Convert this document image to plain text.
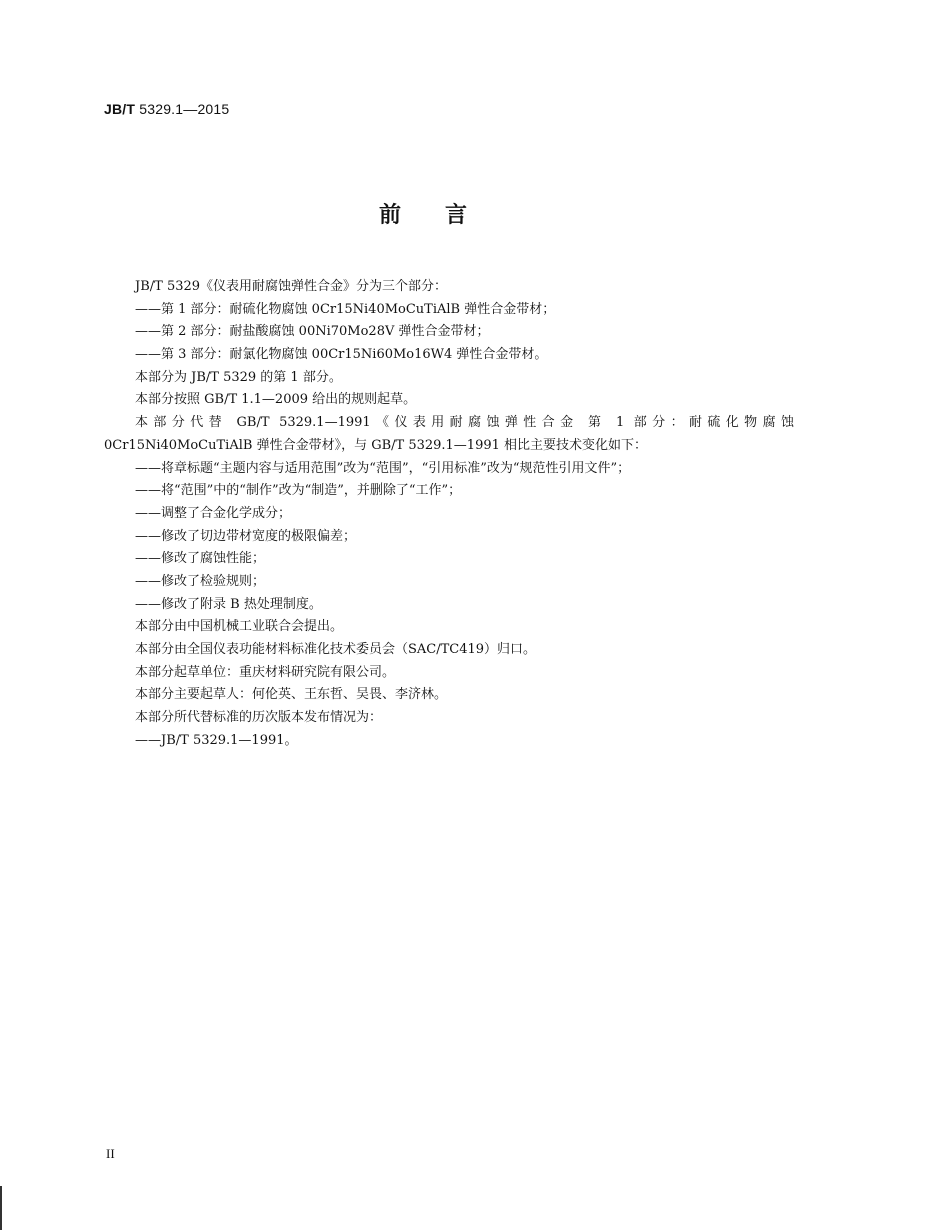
JB/T 5329.1—2015
前言
JB/T 5329《仪表用耐腐蚀弹性合金》分为三个部分：
——第 1 部分：耐硫化物腐蚀 0Cr15Ni40MoCuTiAlB 弹性合金带材；
——第 2 部分：耐盐酸腐蚀 00Ni70Mo28V 弹性合金带材；
——第 3 部分：耐氯化物腐蚀 00Cr15Ni60Mo16W4 弹性合金带材。
本部分为 JB/T 5329 的第 1 部分。
本部分按照 GB/T 1.1—2009 给出的规则起草。
本部分代替 GB/T 5329.1—1991《仪表用耐腐蚀弹性合金 第 1 部分：耐硫化物腐蚀
0Cr15Ni40MoCuTiAlB 弹性合金带材》，与 GB/T 5329.1—1991 相比主要技术变化如下：
——将章标题“主题内容与适用范围”改为“范围”，“引用标准”改为“规范性引用文件”；
——将“范围”中的“制作”改为“制造”，并删除了“工作”；
——调整了合金化学成分；
——修改了切边带材宽度的极限偏差；
——修改了腐蚀性能；
——修改了检验规则；
——修改了附录 B 热处理制度。
本部分由中国机械工业联合会提出。
本部分由全国仪表功能材料标准化技术委员会（SAC/TC419）归口。
本部分起草单位：重庆材料研究院有限公司。
本部分主要起草人：何伦英、王东哲、吴畏、李济林。
本部分所代替标准的历次版本发布情况为：
——JB/T 5329.1—1991。
II
